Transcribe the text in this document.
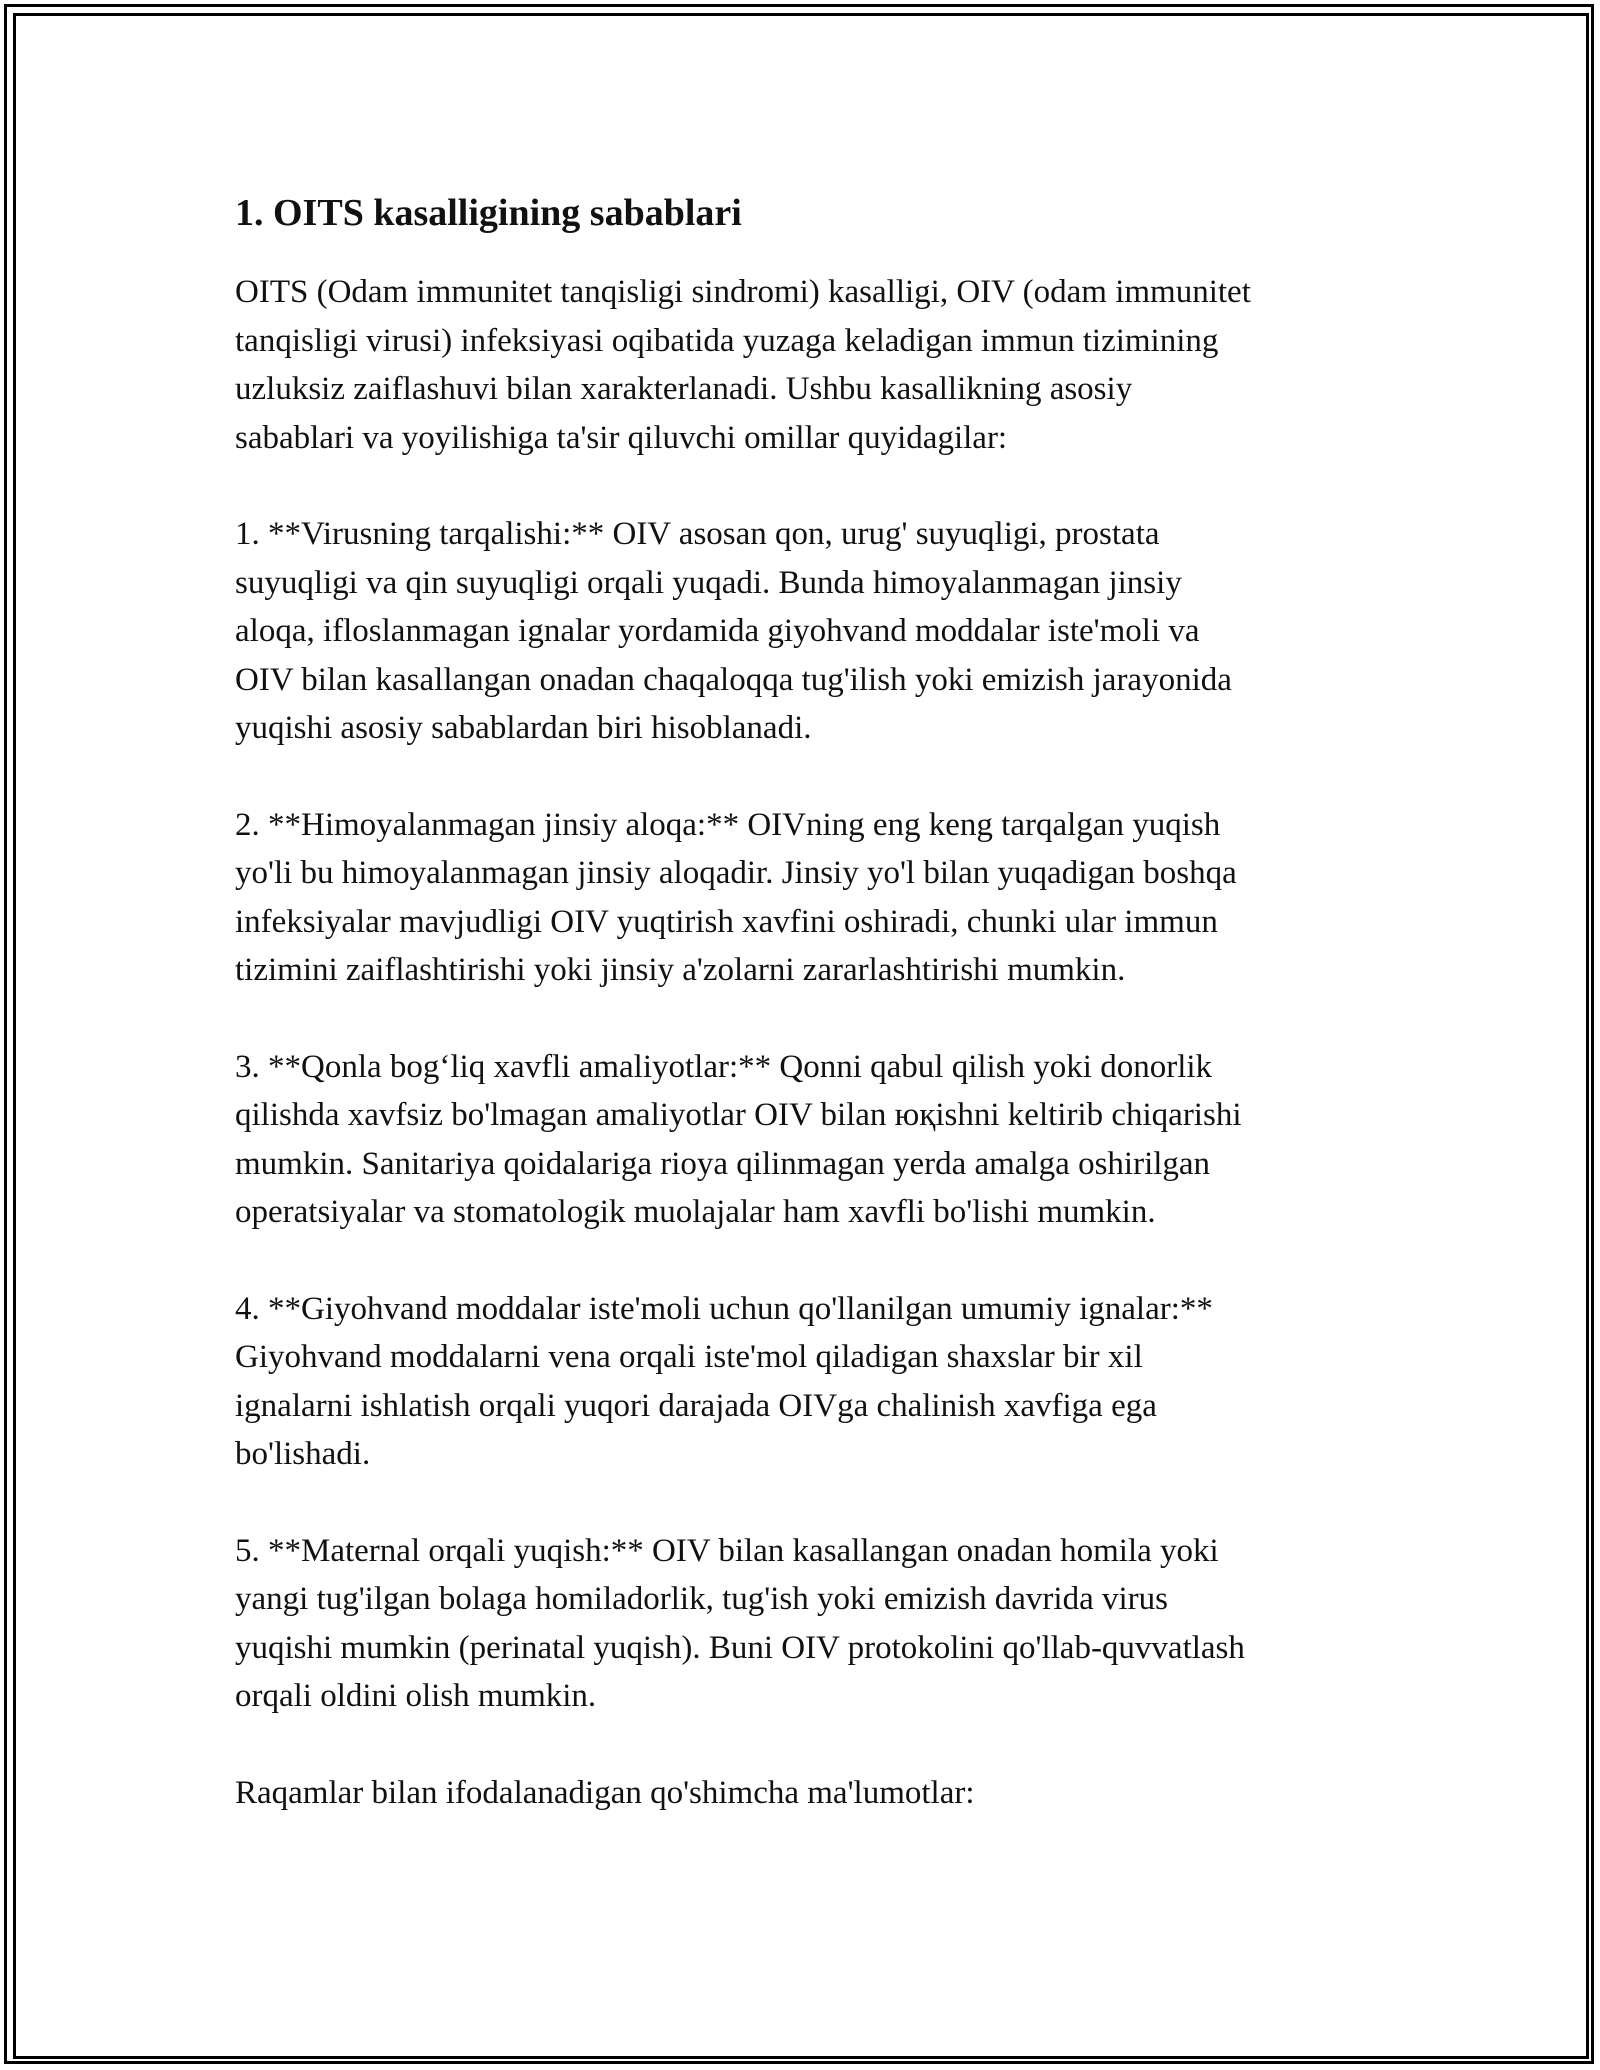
1. OITS kasalligining sabablari

OITS (Odam immunitet tanqisligi sindromi) kasalligi, OIV (odam immunitet
tanqisligi virusi) infeksiyasi oqibatida yuzaga keladigan immun tizimining
uzluksiz zaiflashuvi bilan xarakterlanadi. Ushbu kasallikning asosiy
sabablari va yoyilishiga ta'sir qiluvchi omillar quyidagilar:

1. **Virusning tarqalishi:** OIV asosan qon, urug' suyuqligi, prostata
suyuqligi va qin suyuqligi orqali yuqadi. Bunda himoyalanmagan jinsiy
aloqa, ifloslanmagan ignalar yordamida giyohvand moddalar iste'moli va
OIV bilan kasallangan onadan chaqaloqqa tug'ilish yoki emizish jarayonida
yuqishi asosiy sabablardan biri hisoblanadi.

2. **Himoyalanmagan jinsiy aloqa:** OIVning eng keng tarqalgan yuqish
yo'li bu himoyalanmagan jinsiy aloqadir. Jinsiy yo'l bilan yuqadigan boshqa
infeksiyalar mavjudligi OIV yuqtirish xavfini oshiradi, chunki ular immun
tizimini zaiflashtirishi yoki jinsiy a'zolarni zararlashtirishi mumkin.

3. **Qonla bog‘liq xavfli amaliyotlar:** Qonni qabul qilish yoki donorlik
qilishda xavfsiz bo'lmagan amaliyotlar OIV bilan юқishni keltirib chiqarishi
mumkin. Sanitariya qoidalariga rioya qilinmagan yerda amalga oshirilgan
operatsiyalar va stomatologik muolajalar ham xavfli bo'lishi mumkin.

4. **Giyohvand moddalar iste'moli uchun qo'llanilgan umumiy ignalar:**
Giyohvand moddalarni vena orqali iste'mol qiladigan shaxslar bir xil
ignalarni ishlatish orqali yuqori darajada OIVga chalinish xavfiga ega
bo'lishadi.

5. **Maternal orqali yuqish:** OIV bilan kasallangan onadan homila yoki
yangi tug'ilgan bolaga homiladorlik, tug'ish yoki emizish davrida virus
yuqishi mumkin (perinatal yuqish). Buni OIV protokolini qo'llab-quvvatlash
orqali oldini olish mumkin.

Raqamlar bilan ifodalanadigan qo'shimcha ma'lumotlar:
